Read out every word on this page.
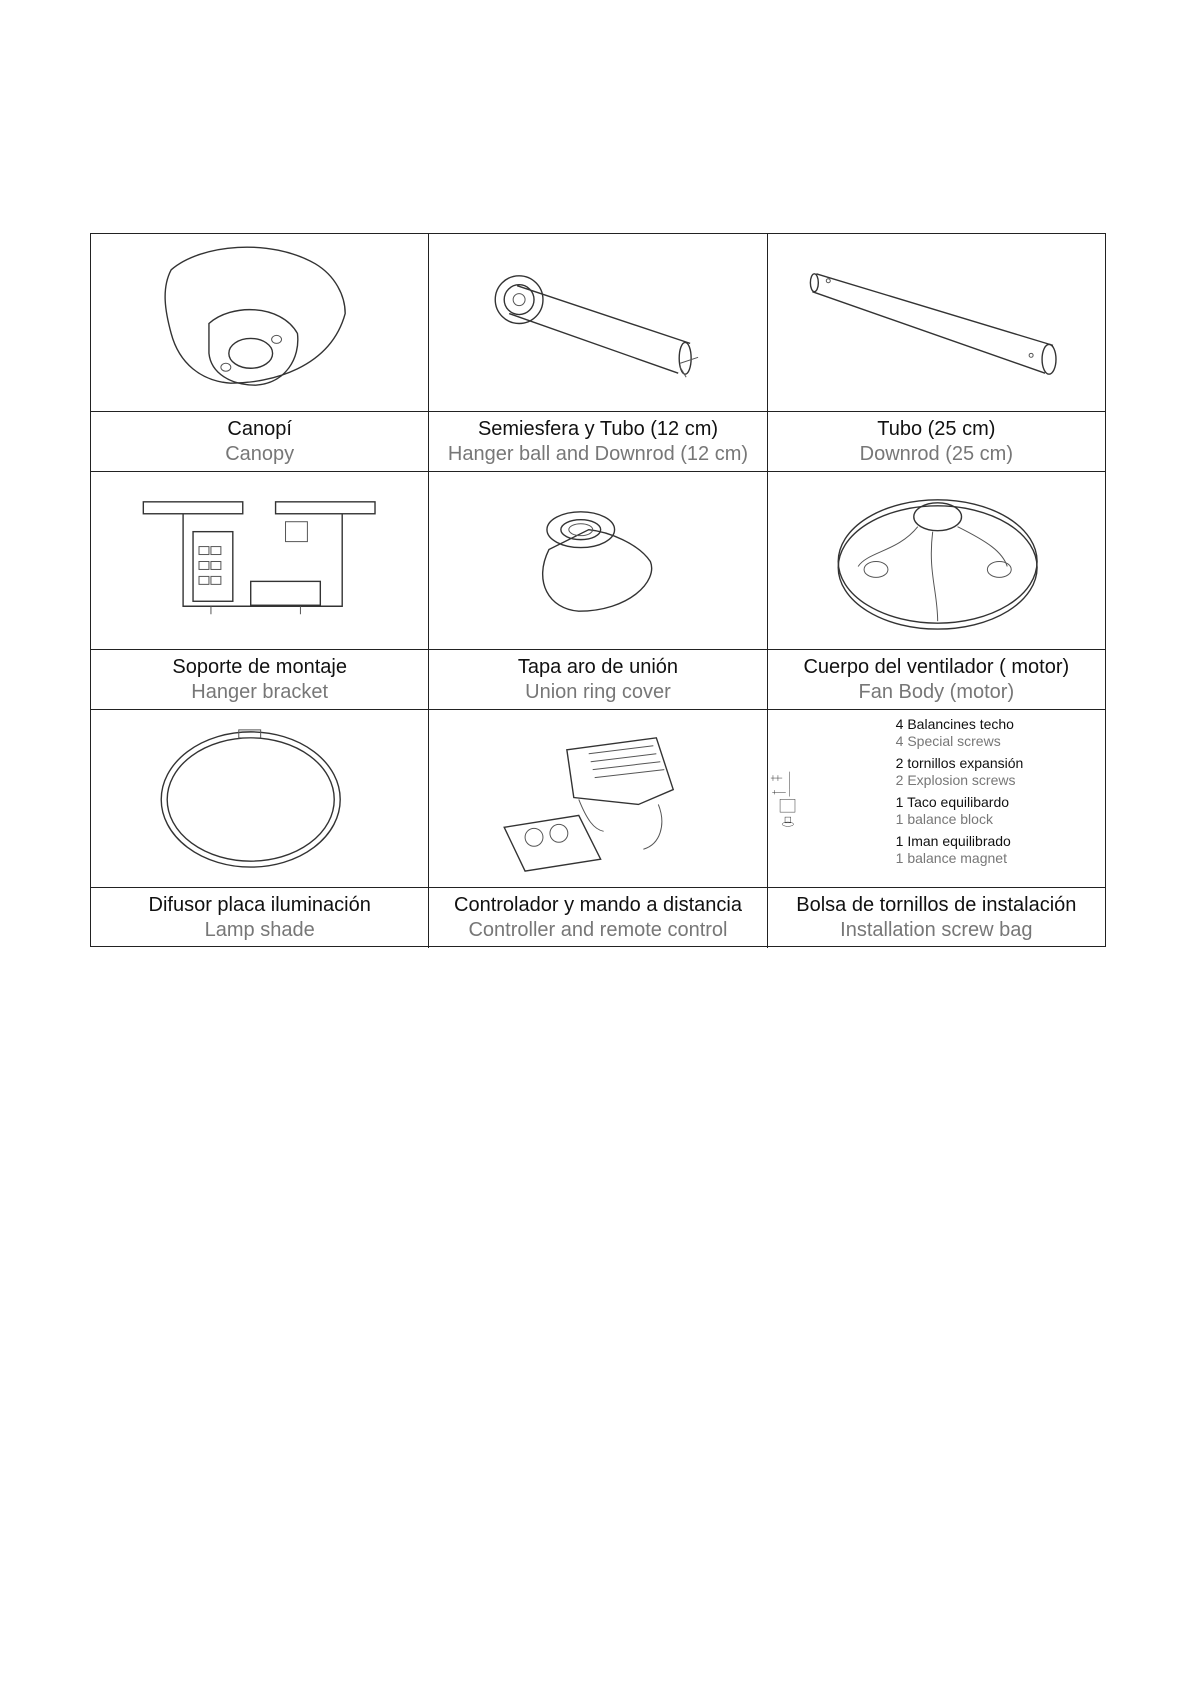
Canopí
Canopy
Semiesfera y Tubo (12 cm)
Hanger ball and Downrod (12 cm)
Tubo (25 cm)
Downrod (25 cm)
Soporte de montaje
Hanger bracket
Tapa aro de unión
Union ring cover
Cuerpo del ventilador ( motor)
Fan Body (motor)
4 Balancines techo
4 Special screws
2 tornillos expansión
2 Explosion screws
1 Taco equilibardo
1 balance block
1 Iman equilibrado
1 balance magnet
Difusor placa iluminación
Lamp shade
Controlador y mando a distancia
Controller and remote control
Bolsa de tornillos de instalación
Installation screw bag
